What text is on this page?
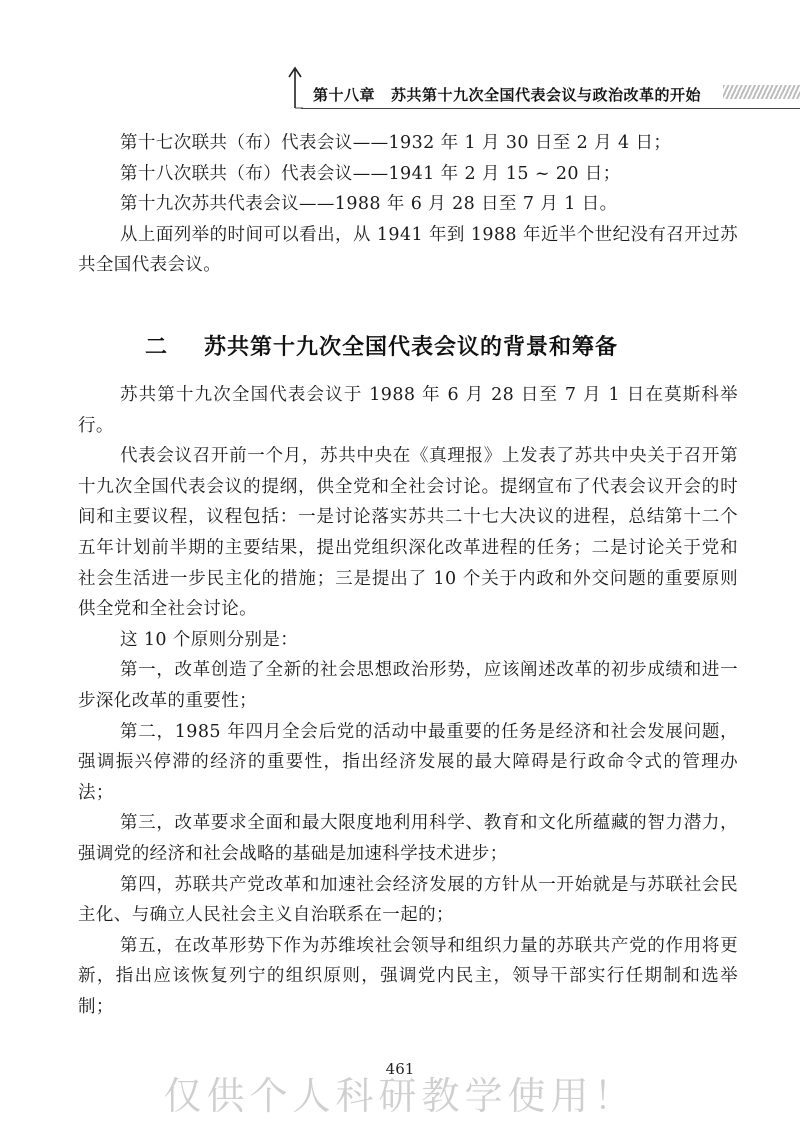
第十八章 苏共第十九次全国代表会议与政治改革的开始

第十七次联共（布）代表会议——1932 年 1 月 30 日至 2 月 4 日；

第十八次联共（布）代表会议——1941 年 2 月 15 ~ 20 日；

第十九次苏共代表会议——1988 年 6 月 28 日至 7 月 1 日。

从上面列举的时间可以看出，从 1941 年到 1988 年近半个世纪没有召开过苏共全国代表会议。

二 苏共第十九次全国代表会议的背景和筹备

苏共第十九次全国代表会议于 1988 年 6 月 28 日至 7 月 1 日在莫斯科举行。

代表会议召开前一个月，苏共中央在《真理报》上发表了苏共中央关于召开第十九次全国代表会议的提纲，供全党和全社会讨论。提纲宣布了代表会议开会的时间和主要议程，议程包括：一是讨论落实苏共二十七大决议的进程，总结第十二个五年计划前半期的主要结果，提出党组织深化改革进程的任务；二是讨论关于党和社会生活进一步民主化的措施；三是提出了 10 个关于内政和外交问题的重要原则供全党和全社会讨论。

这 10 个原则分别是：

第一，改革创造了全新的社会思想政治形势，应该阐述改革的初步成绩和进一步深化改革的重要性；

第二，1985 年四月全会后党的活动中最重要的任务是经济和社会发展问题，强调振兴停滞的经济的重要性，指出经济发展的最大障碍是行政命令式的管理办法；

第三，改革要求全面和最大限度地利用科学、教育和文化所蕴藏的智力潜力，强调党的经济和社会战略的基础是加速科学技术进步；

第四，苏联共产党改革和加速社会经济发展的方针从一开始就是与苏联社会民主化、与确立人民社会主义自治联系在一起的；

第五，在改革形势下作为苏维埃社会领导和组织力量的苏联共产党的作用将更新，指出应该恢复列宁的组织原则，强调党内民主，领导干部实行任期制和选举制；

461
仅供个人科研教学使用！
